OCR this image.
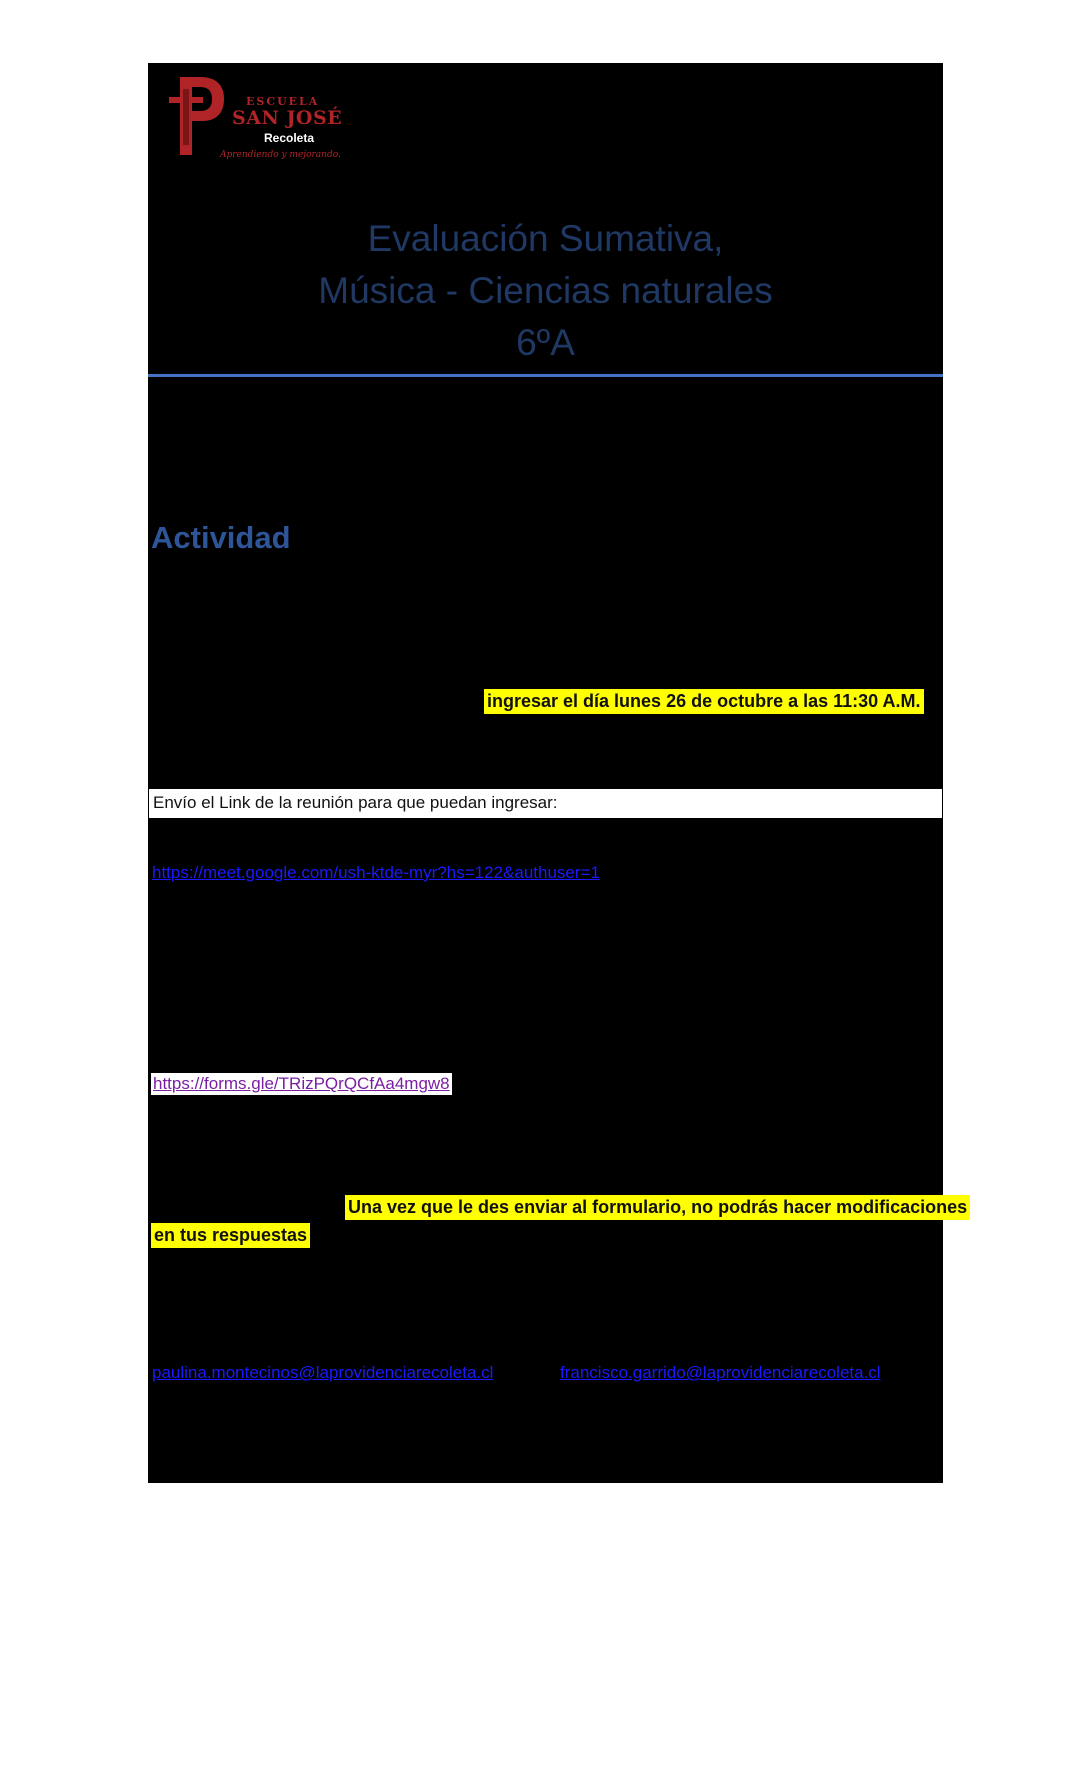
ESCUELA
SAN JOSÉ
Recoleta
Aprendiendo y mejorando.
Evaluación Sumativa,
Música - Ciencias naturales
6ºA
Actividad
ingresar el día lunes 26 de octubre a las 11:30 A.M.
Envío el Link de la reunión para que puedan ingresar:
https://meet.google.com/ush-ktde-myr?hs=122&authuser=1
https://forms.gle/TRizPQrQCfAa4mgw8
Una vez que le des enviar al formulario, no podrás hacer modificaciones
en tus respuestas
paulina.montecinos@laprovidenciarecoleta.cl	francisco.garrido@laprovidenciarecoleta.cl
